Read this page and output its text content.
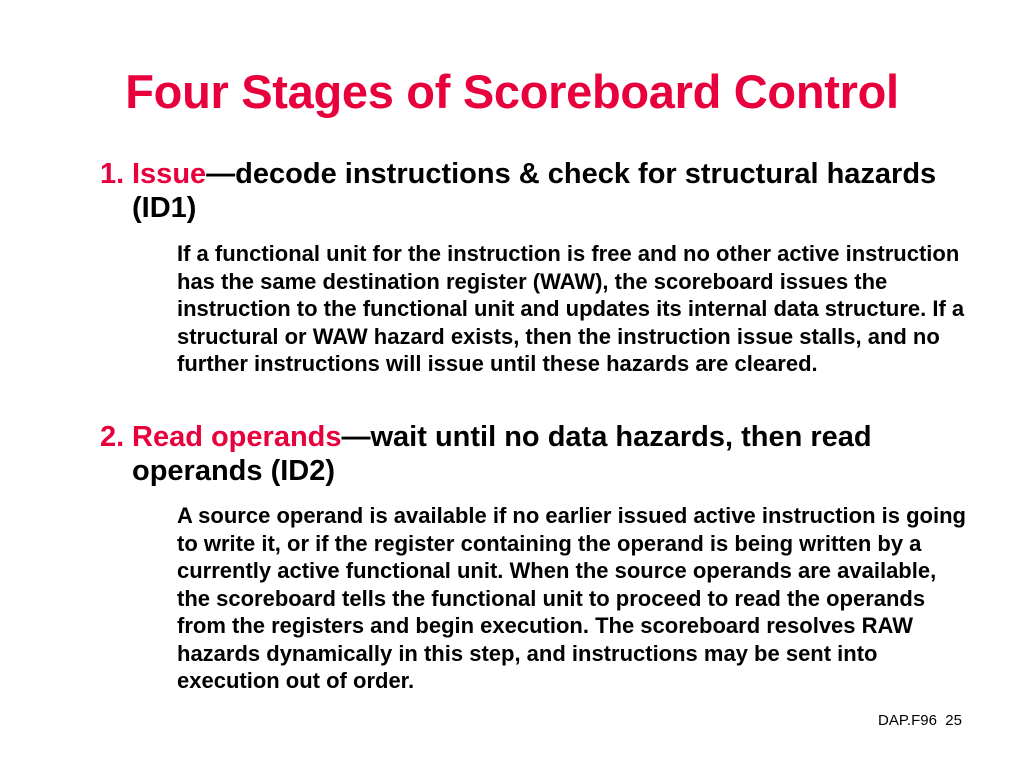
Four Stages of Scoreboard Control
1. Issue—decode instructions & check for structural hazards (ID1)
If a functional unit for the instruction is free and no other active instruction has the same destination register (WAW), the scoreboard issues the instruction to the functional unit and updates its internal data structure. If a structural or WAW hazard exists, then the instruction issue stalls, and no further instructions will issue until these hazards are cleared.
2. Read operands—wait until no data hazards, then read operands (ID2)
A source operand is available if no earlier issued active instruction is going to write it, or if the register containing the operand is being written by a currently active functional unit. When the source operands are available, the scoreboard tells the functional unit to proceed to read the operands from the registers and begin execution. The scoreboard resolves RAW hazards dynamically in this step, and instructions may be sent into execution out of order.
DAP.F96 25
